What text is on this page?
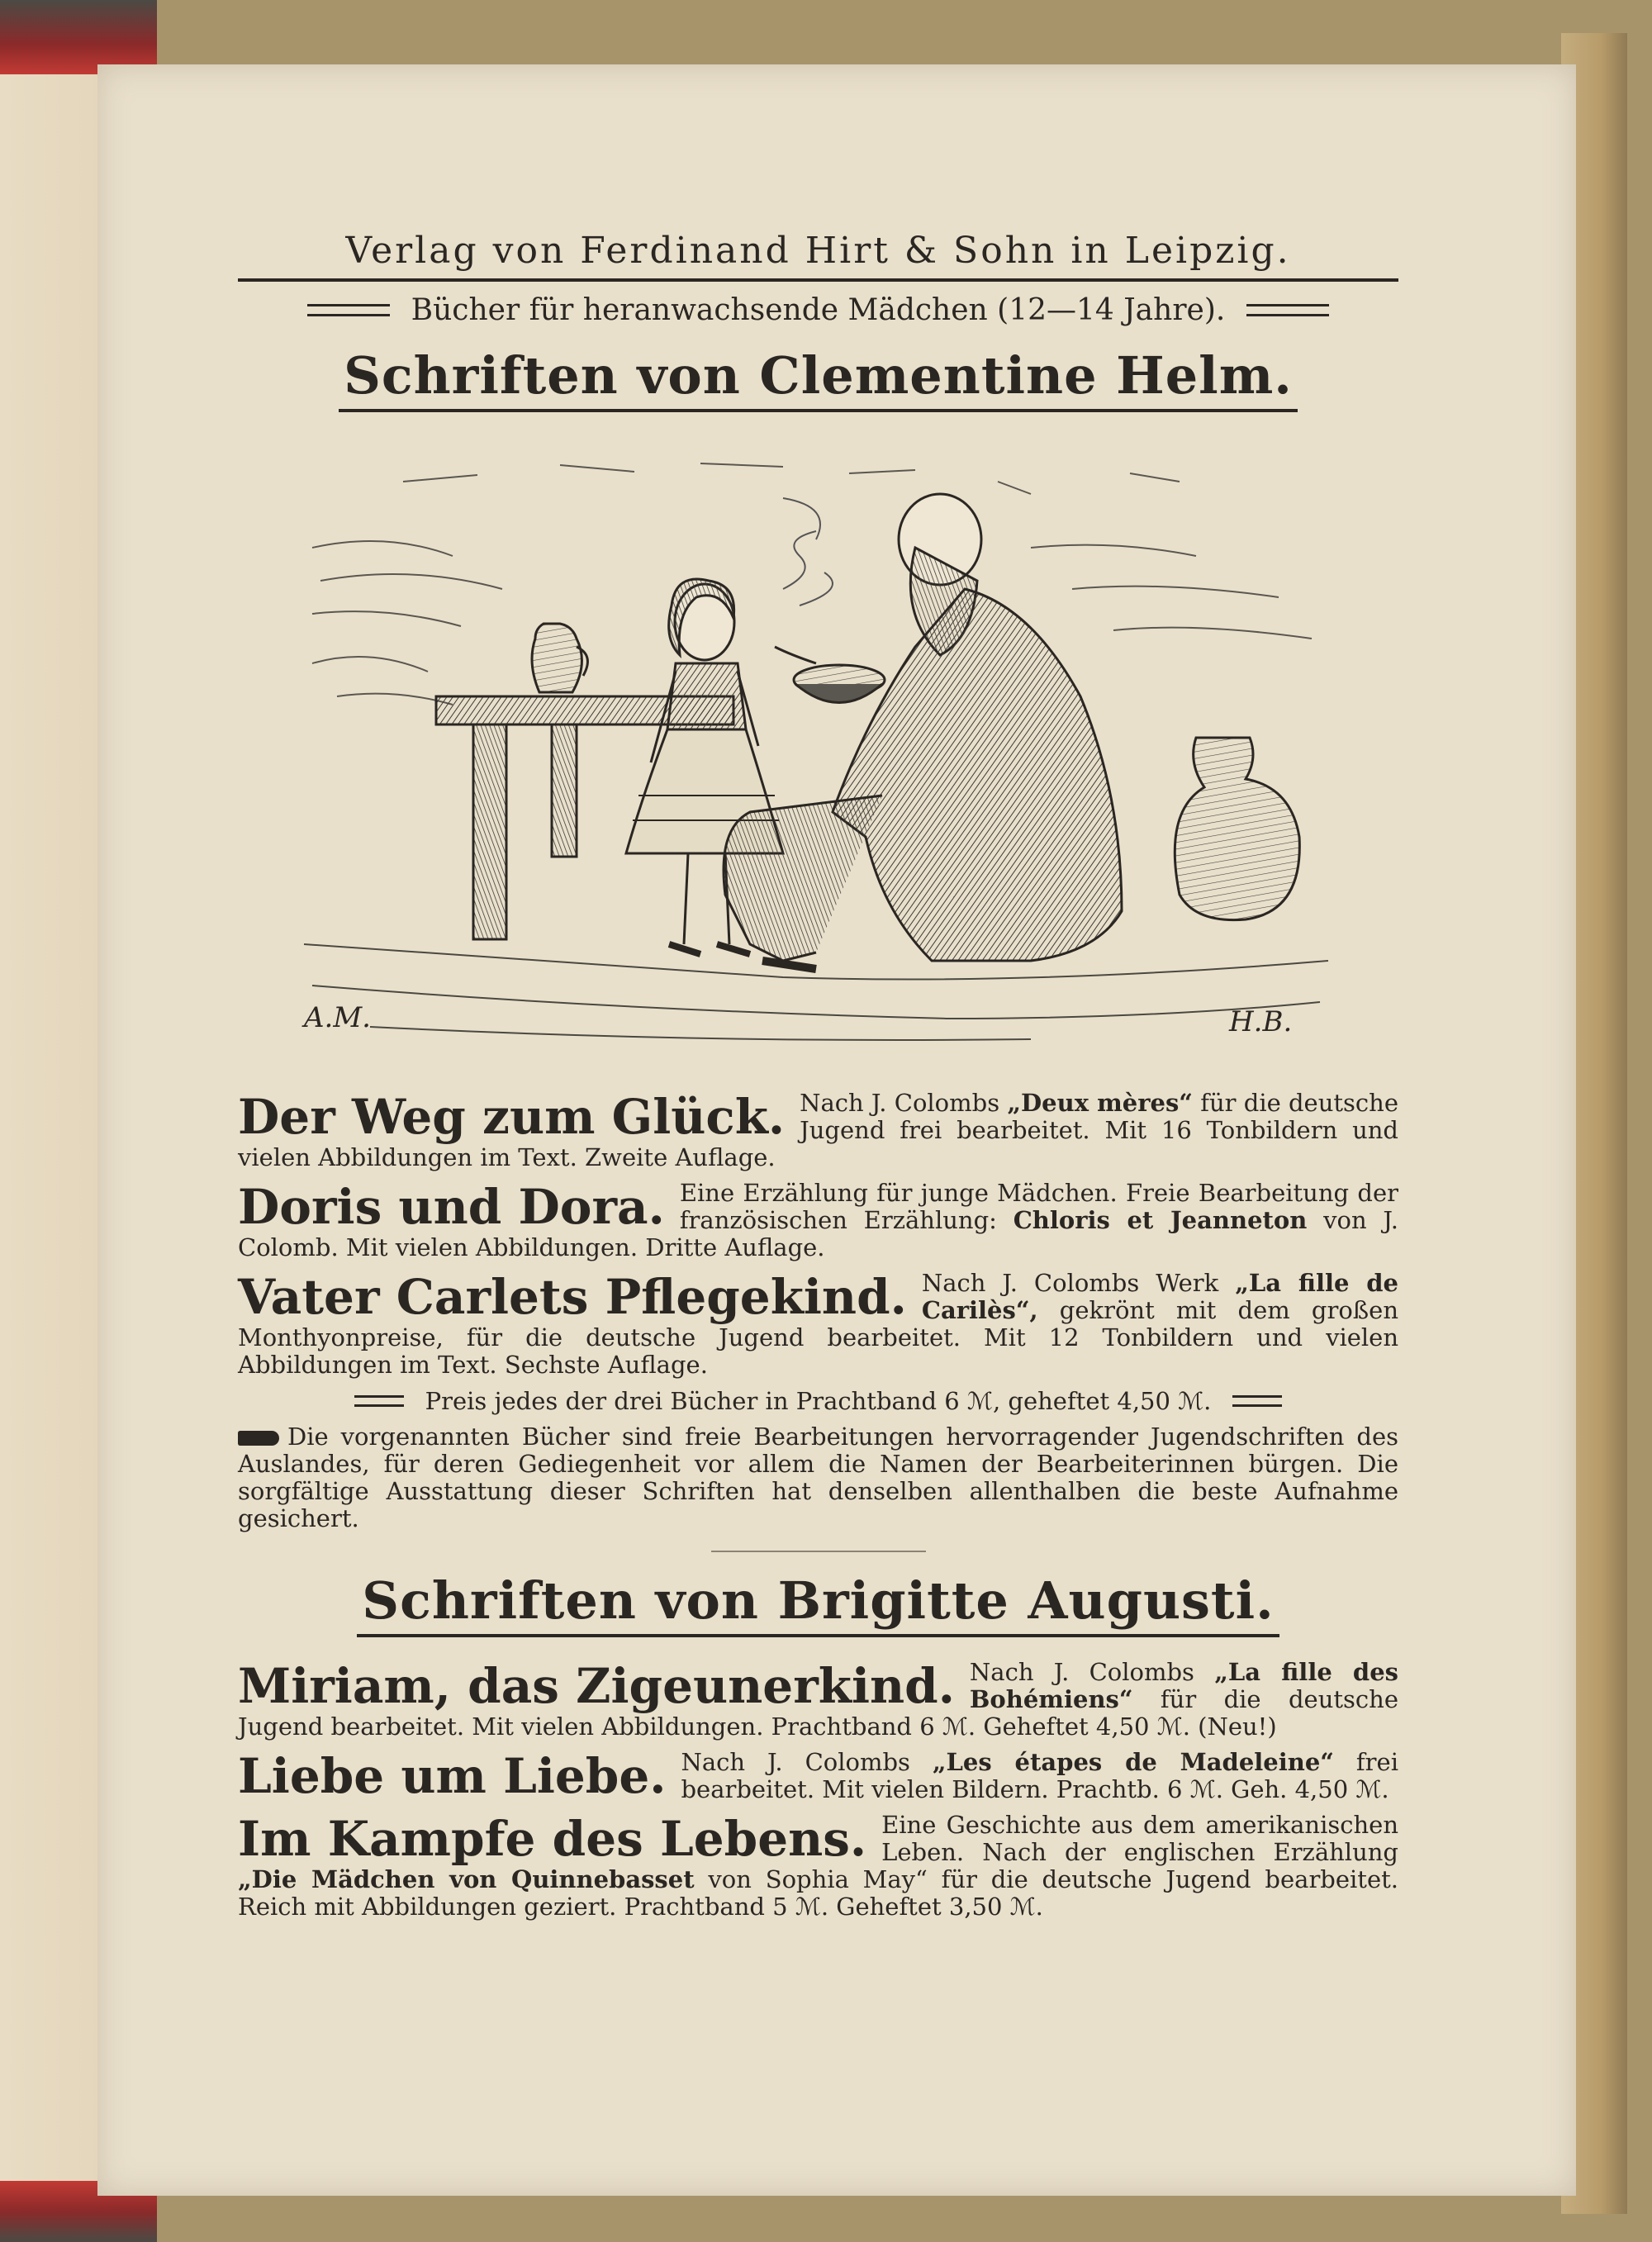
Verlag von Ferdinand Hirt & Sohn in Leipzig.
Bücher für heranwachsende Mädchen (12—14 Jahre).
Schriften von Clementine Helm.
A.M.	H.B.
Der Weg zum Glück. Nach J. Colombs „Deux mères“ für die deutsche Jugend frei bearbeitet. Mit 16 Tonbildern und vielen Abbildungen im Text. Zweite Auflage.
Doris und Dora. Eine Erzählung für junge Mädchen. Freie Bearbeitung der französischen Erzählung: Chloris et Jeanneton von J. Colomb. Mit vielen Abbildungen. Dritte Auflage.
Vater Carlets Pflegekind. Nach J. Colombs Werk „La fille de Carilès“, gekrönt mit dem großen Monthyonpreise, für die deutsche Jugend bearbeitet. Mit 12 Tonbildern und vielen Abbildungen im Text. Sechste Auflage.
Preis jedes der drei Bücher in Prachtband 6 ℳ, geheftet 4,50 ℳ.
Die vorgenannten Bücher sind freie Bearbeitungen hervorragender Jugendschriften des Auslandes, für deren Gediegenheit vor allem die Namen der Bearbeiterinnen bürgen. Die sorgfältige Ausstattung dieser Schriften hat denselben allenthalben die beste Aufnahme gesichert.
Schriften von Brigitte Augusti.
Miriam, das Zigeunerkind. Nach J. Colombs „La fille des Bohémiens“ für die deutsche Jugend bearbeitet. Mit vielen Abbildungen. Prachtband 6 ℳ. Geheftet 4,50 ℳ. (Neu!)
Liebe um Liebe. Nach J. Colombs „Les étapes de Madeleine“ frei bearbeitet. Mit vielen Bildern. Prachtb. 6 ℳ. Geh. 4,50 ℳ.
Im Kampfe des Lebens. Eine Geschichte aus dem amerikanischen Leben. Nach der englischen Erzählung „Die Mädchen von Quinnebasset von Sophia May“ für die deutsche Jugend bearbeitet. Reich mit Abbildungen geziert. Prachtband 5 ℳ. Geheftet 3,50 ℳ.
